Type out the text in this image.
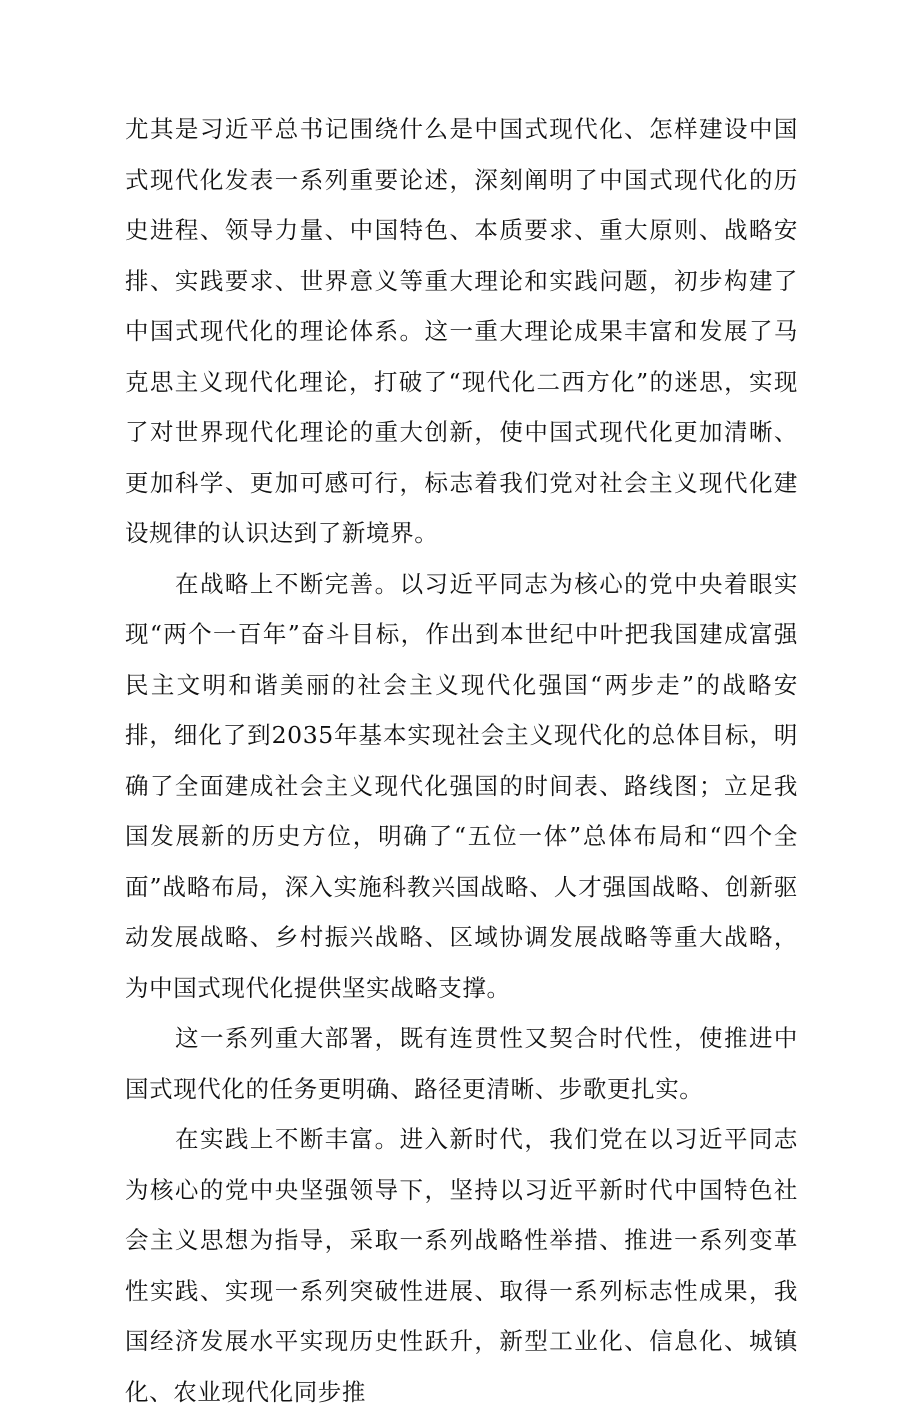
尤其是习近平总书记围绕什么是中国式现代化、怎样建设中国式现代化发表一系列重要论述，深刻阐明了中国式现代化的历史进程、领导力量、中国特色、本质要求、重大原则、战略安排、实践要求、世界意义等重大理论和实践问题，初步构建了中国式现代化的理论体系。这一重大理论成果丰富和发展了马克思主义现代化理论，打破了“现代化二西方化”的迷思，实现了对世界现代化理论的重大创新，使中国式现代化更加清晰、更加科学、更加可感可行，标志着我们党对社会主义现代化建设规律的认识达到了新境界。

在战略上不断完善。以习近平同志为核心的党中央着眼实现“两个一百年”奋斗目标，作出到本世纪中叶把我国建成富强民主文明和谐美丽的社会主义现代化强国“两步走”的战略安排，细化了到2035年基本实现社会主义现代化的总体目标，明确了全面建成社会主义现代化强国的时间表、路线图；立足我国发展新的历史方位，明确了“五位一体”总体布局和“四个全面”战略布局，深入实施科教兴国战略、人才强国战略、创新驱动发展战略、乡村振兴战略、区域协调发展战略等重大战略，为中国式现代化提供坚实战略支撑。

这一系列重大部署，既有连贯性又契合时代性，使推进中国式现代化的任务更明确、路径更清晰、步歌更扎实。

在实践上不断丰富。进入新时代，我们党在以习近平同志为核心的党中央坚强领导下，坚持以习近平新时代中国特色社会主义思想为指导，采取一系列战略性举措、推进一系列变革性实践、实现一系列突破性进展、取得一系列标志性成果，我国经济发展水平实现历史性跃升，新型工业化、信息化、城镇化、农业现代化同步推
